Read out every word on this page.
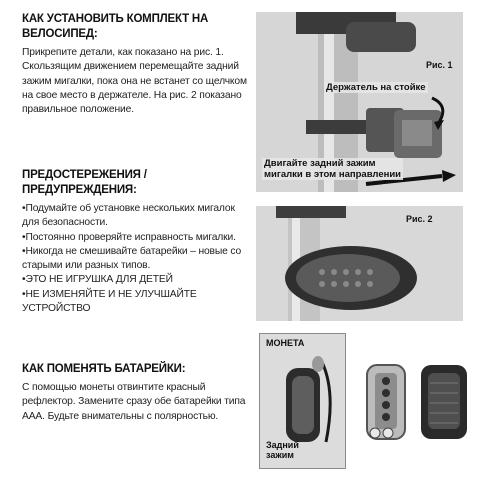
КАК УСТАНОВИТЬ КОМПЛЕКТ НА
ВЕЛОСИПЕД:

Прикрепите детали, как показано на рис. 1.
Скользящим движением перемещайте задний
зажим мигалки, пока она не встанет со щелчком
на свое место в держателе. На рис. 2 показано
правильное положение.

ПРЕДОСТЕРЕЖЕНИЯ / ПРЕДУПРЕЖДЕНИЯ:
•Подумайте об установке нескольких мигалок
для безопасности.
•Постоянно проверяйте исправность мигалки.
•Никогда не смешивайте батарейки – новые со
старыми или разных типов.
•ЭТО НЕ ИГРУШКА ДЛЯ ДЕТЕЙ
•НЕ ИЗМЕНЯЙТЕ И НЕ УЛУЧШАЙТЕ УСТРОЙСТВО
КАК ПОМЕНЯТЬ БАТАРЕЙКИ:

С помощью монеты отвинтите красный
рефлектор. Замените сразу обе батарейки типа
ААА. Будьте внимательны с полярностью.

Рис. 1
Держатель на стойке
Двигайте задний зажим
мигалки в этом направлении
Рис. 2
МОНЕТА
Задний
зажим
